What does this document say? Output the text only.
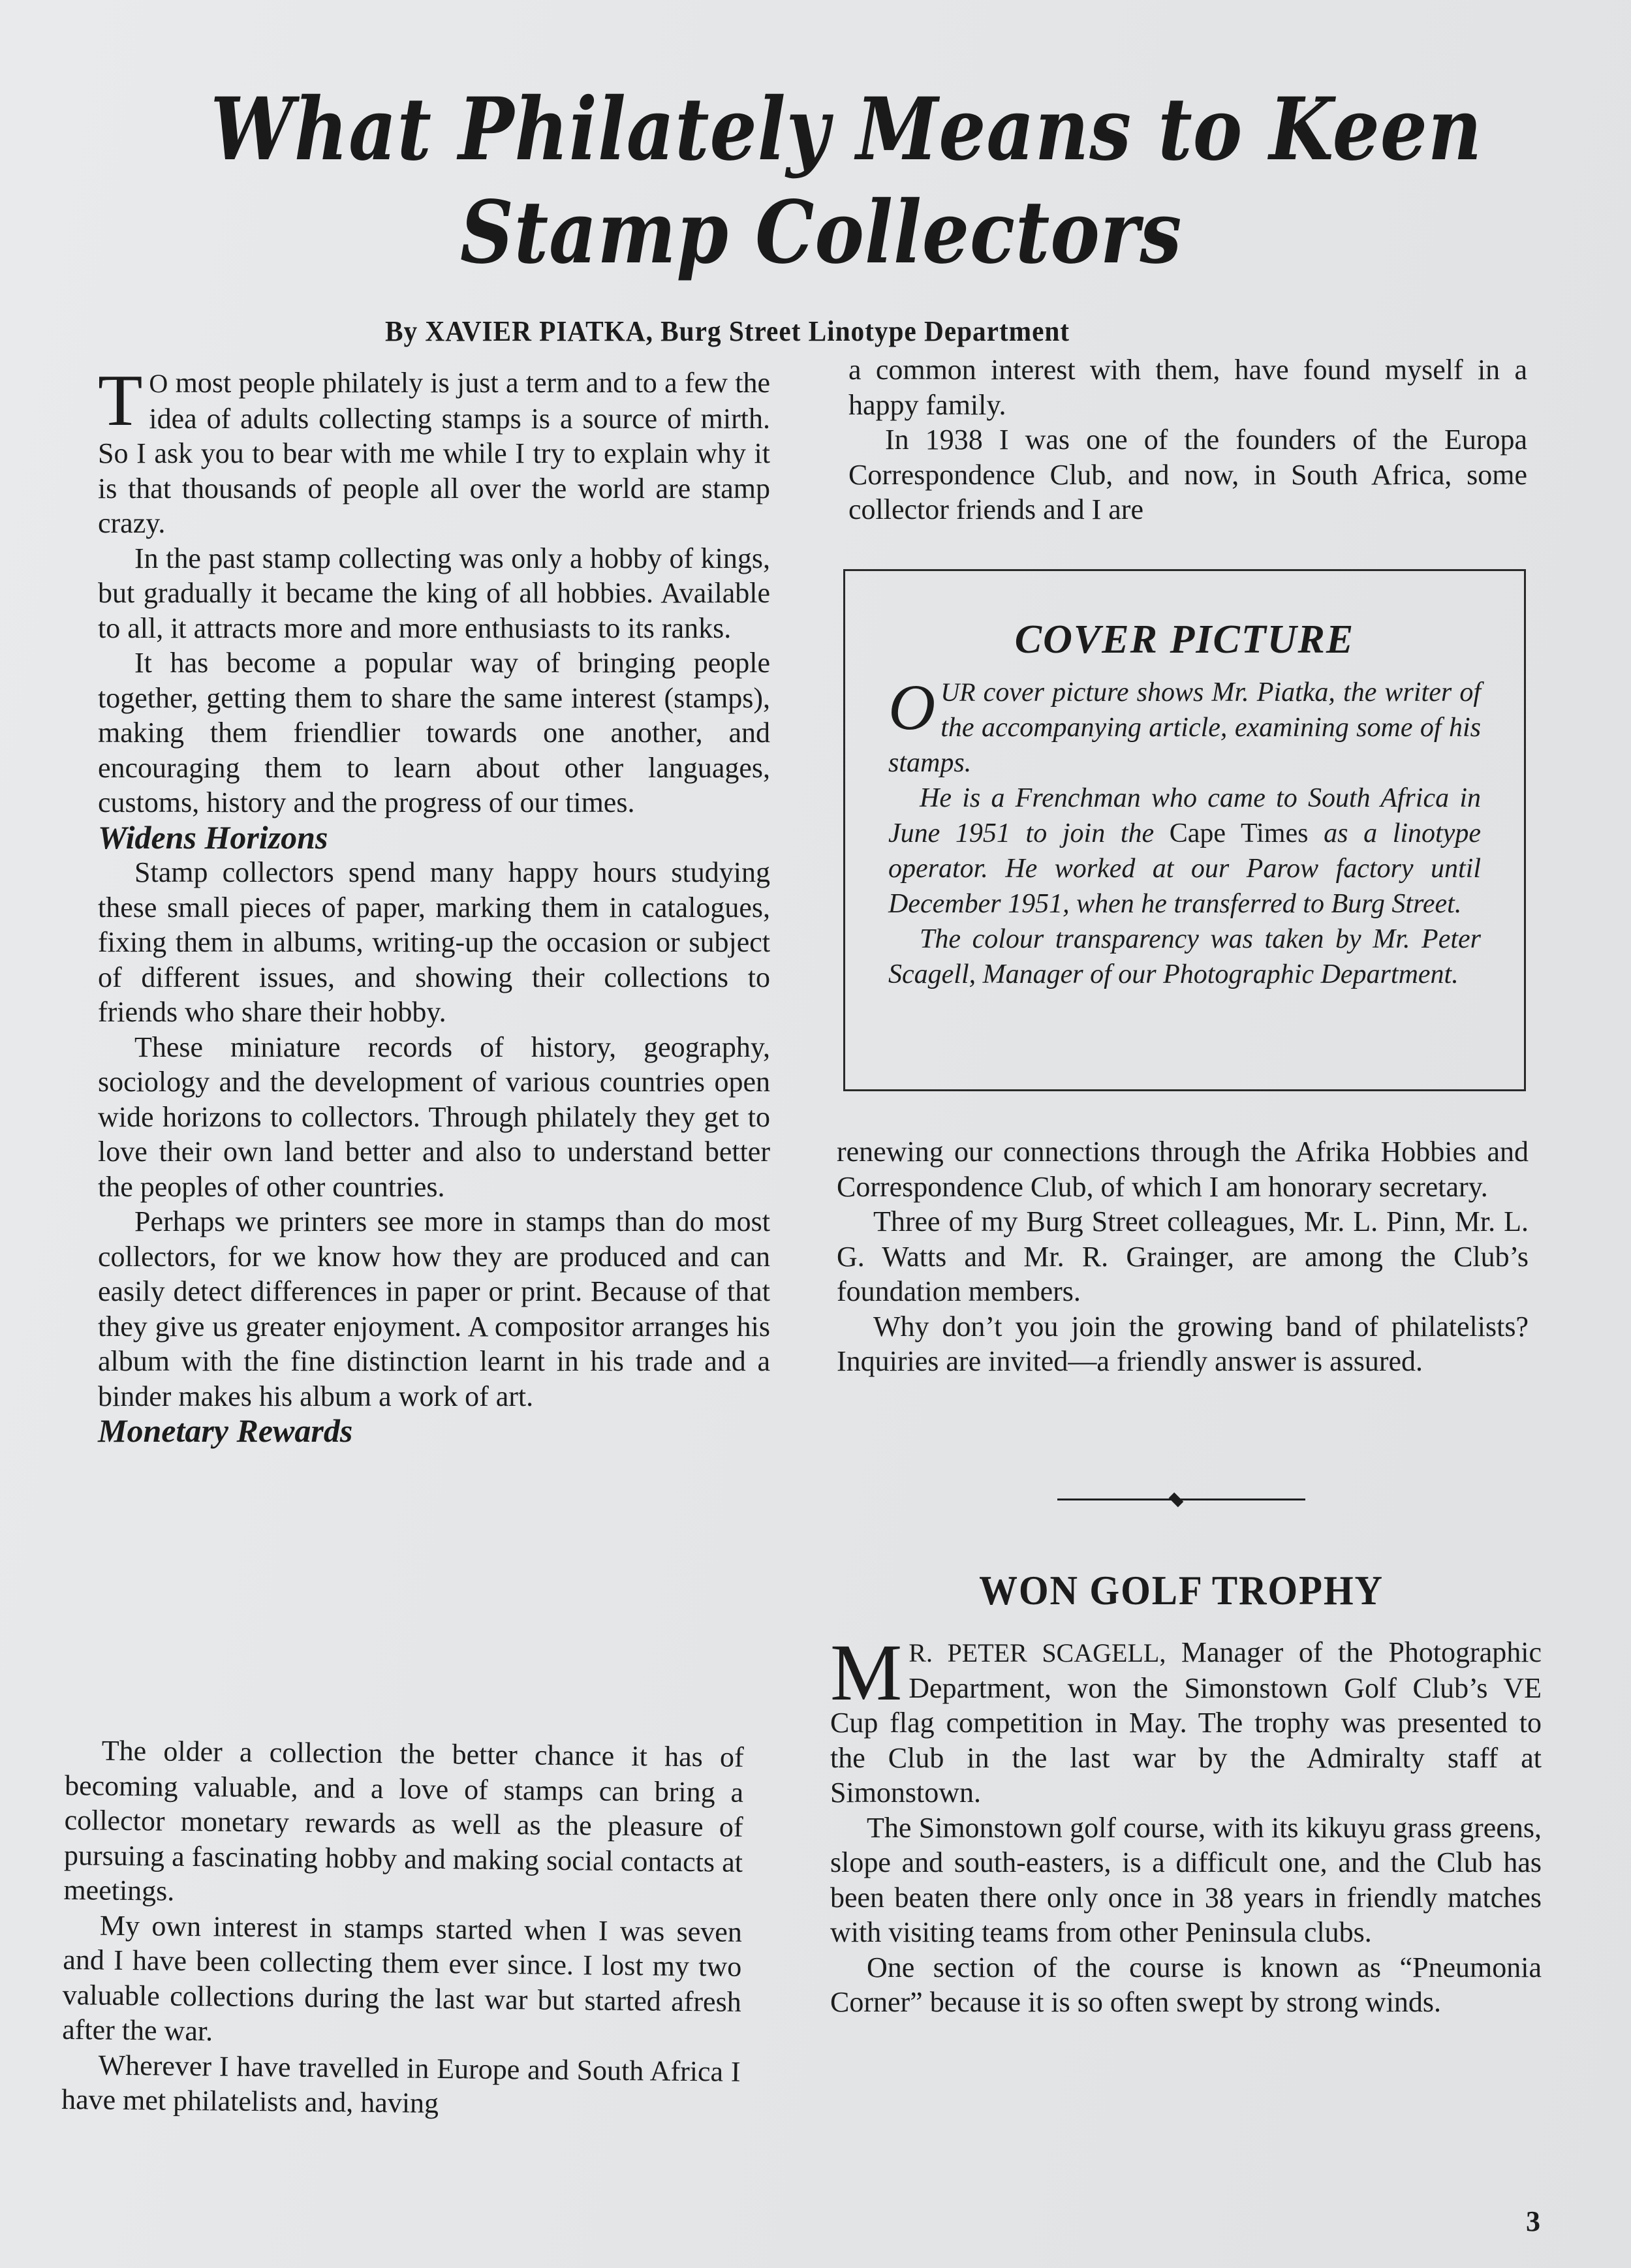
What Philately Means to Keen
Stamp Collectors
By XAVIER PIATKA, Burg Street Linotype Department

TO most people philately is just a term and to a few the idea of adults collecting stamps is a source of mirth. So I ask you to bear with me while I try to explain why it is that thousands of people all over the world are stamp crazy.

In the past stamp collecting was only a hobby of kings, but gradually it became the king of all hobbies. Available to all, it attracts more and more enthusiasts to its ranks.

It has become a popular way of bringing people together, getting them to share the same interest (stamps), making them friendlier towards one another, and encouraging them to learn about other languages, customs, history and the progress of our times.

Widens Horizons

Stamp collectors spend many happy hours studying these small pieces of paper, marking them in catalogues, fixing them in albums, writing-up the occasion or subject of different issues, and showing their collections to friends who share their hobby.

These miniature records of history, geography, sociology and the development of various countries open wide horizons to collectors. Through philately they get to love their own land better and also to understand better the peoples of other countries.

Perhaps we printers see more in stamps than do most collectors, for we know how they are produced and can easily detect differences in paper or print. Because of that they give us greater enjoyment. A compositor arranges his album with the fine distinction learnt in his trade and a binder makes his album a work of art.

Monetary Rewards

The older a collection the better chance it has of becoming valuable, and a love of stamps can bring a collector monetary rewards as well as the pleasure of pursuing a fascinating hobby and making social contacts at meetings.

My own interest in stamps started when I was seven and I have been collecting them ever since. I lost my two valuable collections during the last war but started afresh after the war.

Wherever I have travelled in Europe and South Africa I have met philatelists and, having

a common interest with them, have found myself in a happy family.

In 1938 I was one of the founders of the Europa Correspondence Club, and now, in South Africa, some collector friends and I are

COVER PICTURE

OUR cover picture shows Mr. Piatka, the writer of the accompanying article, examining some of his stamps.

He is a Frenchman who came to South Africa in June 1951 to join the Cape Times as a linotype operator. He worked at our Parow factory until December 1951, when he transferred to Burg Street.

The colour transparency was taken by Mr. Peter Scagell, Manager of our Photographic Department.

renewing our connections through the Afrika Hobbies and Correspondence Club, of which I am honorary secretary.

Three of my Burg Street colleagues, Mr. L. Pinn, Mr. L. G. Watts and Mr. R. Grainger, are among the Club’s foundation members.

Why don’t you join the growing band of philatelists? Inquiries are invited—a friendly answer is assured.

WON GOLF TROPHY

MR. PETER SCAGELL, Manager of the Photographic Department, won the Simonstown Golf Club’s VE Cup flag competition in May. The trophy was presented to the Club in the last war by the Admiralty staff at Simonstown.

The Simonstown golf course, with its kikuyu grass greens, slope and south-easters, is a difficult one, and the Club has been beaten there only once in 38 years in friendly matches with visiting teams from other Peninsula clubs.

One section of the course is known as “Pneumonia Corner” because it is so often swept by strong winds.

3
